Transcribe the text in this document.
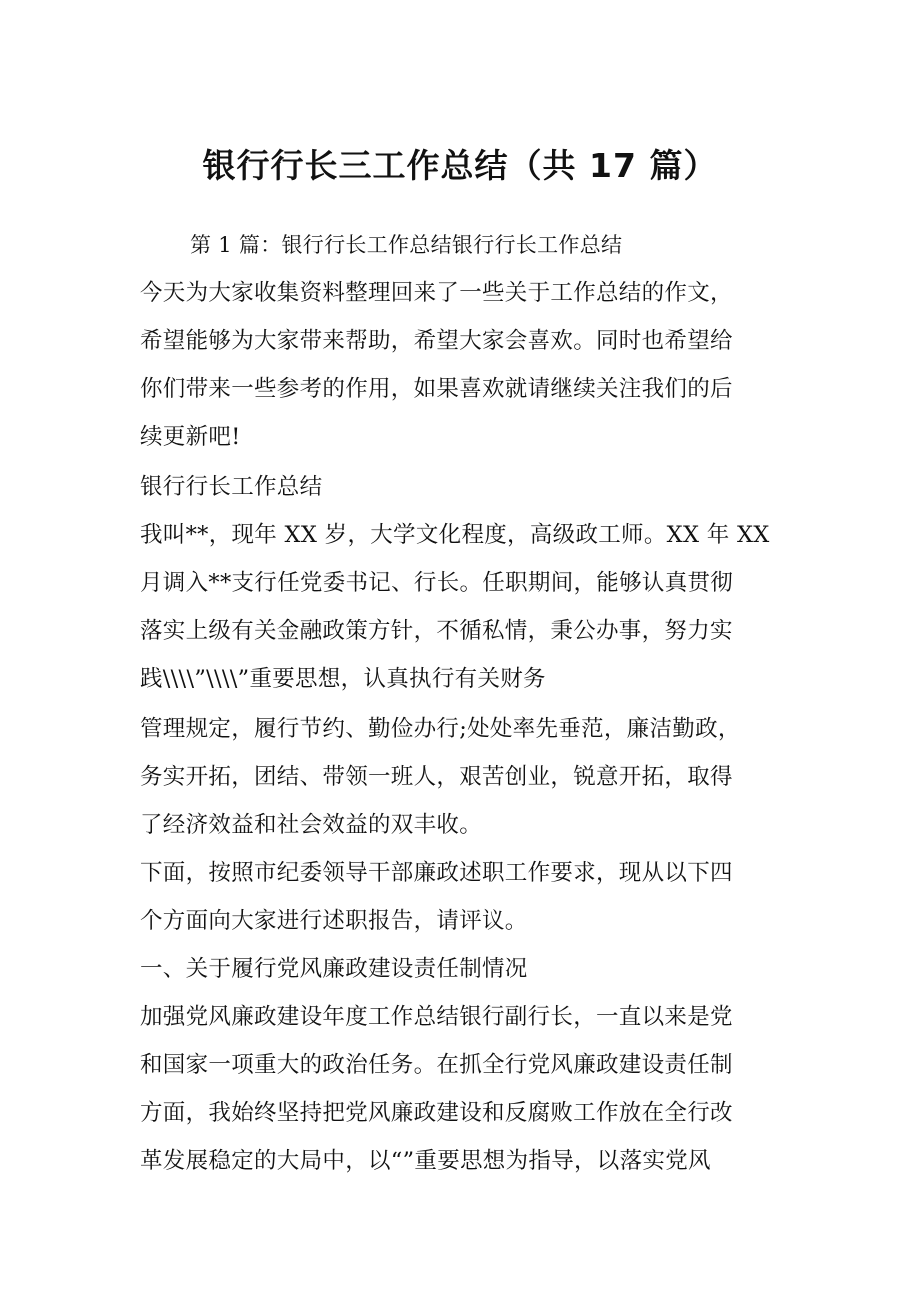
银行行长三工作总结（共 17 篇）
第 1 篇：银行行长工作总结银行行长工作总结
今天为大家收集资料整理回来了一些关于工作总结的作文，
希望能够为大家带来帮助，希望大家会喜欢。同时也希望给
你们带来一些参考的作用，如果喜欢就请继续关注我们的后
续更新吧!
银行行长工作总结
我叫**，现年 XX 岁，大学文化程度，高级政工师。XX 年 XX
月调入**支行任党委书记、行长。任职期间，能够认真贯彻
落实上级有关金融政策方针，不循私情，秉公办事，努力实
践\\\\”\\\\”重要思想，认真执行有关财务
管理规定，履行节约、勤俭办行;处处率先垂范，廉洁勤政，
务实开拓，团结、带领一班人，艰苦创业，锐意开拓，取得
了经济效益和社会效益的双丰收。
下面，按照市纪委领导干部廉政述职工作要求，现从以下四
个方面向大家进行述职报告，请评议。
一、关于履行党风廉政建设责任制情况
加强党风廉政建设年度工作总结银行副行长，一直以来是党
和国家一项重大的政治任务。在抓全行党风廉政建设责任制
方面，我始终坚持把党风廉政建设和反腐败工作放在全行改
革发展稳定的大局中，以“”重要思想为指导，以落实党风
